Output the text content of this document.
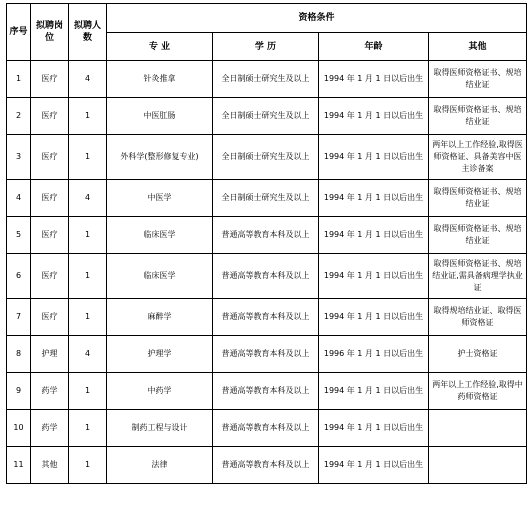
序号	拟聘岗位	拟聘人数	资格条件			
			专 业	学 历	年龄	其他
1	医疗	4	针灸推拿	全日制硕士研究生及以上	1994 年 1 月 1 日以后出生	取得医师资格证书、规培结业证
2	医疗	1	中医肛肠	全日制硕士研究生及以上	1994 年 1 月 1 日以后出生	取得医师资格证书、规培结业证
3	医疗	1	外科学(整形修复专业)	全日制硕士研究生及以上	1994 年 1 月 1 日以后出生	两年以上工作经验,取得医师资格证、具备美容中医主诊备案
4	医疗	4	中医学	全日制硕士研究生及以上	1994 年 1 月 1 日以后出生	取得医师资格证书、规培结业证
5	医疗	1	临床医学	普通高等教育本科及以上	1994 年 1 月 1 日以后出生	取得医师资格证书、规培结业证
6	医疗	1	临床医学	普通高等教育本科及以上	1994 年 1 月 1 日以后出生	取得医师资格证书、规培结业证,需具备病理学执业证
7	医疗	1	麻醉学	普通高等教育本科及以上	1994 年 1 月 1 日以后出生	取得规培结业证、取得医师资格证
8	护理	4	护理学	普通高等教育本科及以上	1996 年 1 月 1 日以后出生	护士资格证
9	药学	1	中药学	普通高等教育本科及以上	1994 年 1 月 1 日以后出生	两年以上工作经验,取得中药师资格证
10	药学	1	制药工程与设计	普通高等教育本科及以上	1994 年 1 月 1 日以后出生	
11	其他	1	法律	普通高等教育本科及以上	1994 年 1 月 1 日以后出生	
